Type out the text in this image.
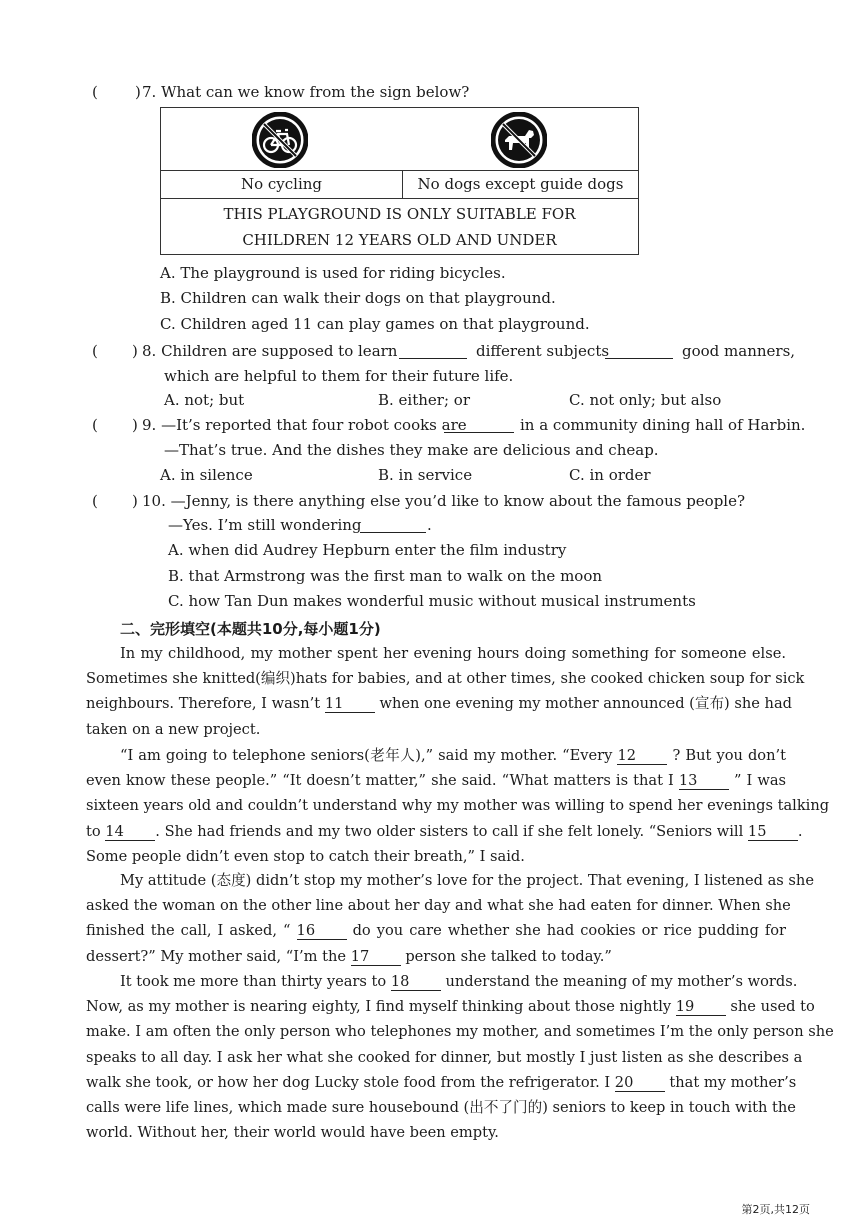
( ) 7. What can we know from the sign below?
No cycling	No dogs except guide dogs
THIS PLAYGROUND IS ONLY SUITABLE FOR
CHILDREN 12 YEARS OLD AND UNDER
A. The playground is used for riding bicycles.
B. Children can walk their dogs on that playground.
C. Children aged 11 can play games on that playground.
( ) 8. Children are supposed to learn	different subjects	good manners,
which are helpful to them for their future life.
A. not; but	B. either; or	C. not only; but also
( ) 9. —It’s reported that four robot cooks are	in a community dining hall of Harbin.
—That’s true. And the dishes they make are delicious and cheap.
A. in silence	B. in service	C. in order
( ) 10. —Jenny, is there anything else you’d like to know about the famous people?
—Yes. I’m still wondering	.
A. when did Audrey Hepburn enter the film industry
B. that Armstrong was the first man to walk on the moon
C. how Tan Dun makes wonderful music without musical instruments
二、完形填空(本题共10分,每小题1分)
In my childhood, my mother spent her evening hours doing something for someone else.
Sometimes she knitted(编织)hats for babies, and at other times, she cooked chicken soup for sick
neighbours. Therefore, I wasn’t 11 when one evening my mother announced (宣布) she had
taken on a new project.
“I am going to telephone seniors(老年人),” said my mother. “Every 12 ? But you don’t
even know these people.” “It doesn’t matter,” she said. “What matters is that I 13 ” I was
sixteen years old and couldn’t understand why my mother was willing to spend her evenings talking
to 14 . She had friends and my two older sisters to call if she felt lonely. “Seniors will 15 .
Some people didn’t even stop to catch their breath,” I said.
My attitude (态度) didn’t stop my mother’s love for the project. That evening, I listened as she
asked the woman on the other line about her day and what she had eaten for dinner. When she
finished the call, I asked, “ 16 do you care whether she had cookies or rice pudding for
dessert?” My mother said, “I’m the 17 person she talked to today.”
It took me more than thirty years to 18 understand the meaning of my mother’s words.
Now, as my mother is nearing eighty, I find myself thinking about those nightly 19 she used to
make. I am often the only person who telephones my mother, and sometimes I’m the only person she
speaks to all day. I ask her what she cooked for dinner, but mostly I just listen as she describes a
walk she took, or how her dog Lucky stole food from the refrigerator. I 20 that my mother’s
calls were life lines, which made sure housebound (出不了门的) seniors to keep in touch with the
world. Without her, their world would have been empty.
第2页,共12页
